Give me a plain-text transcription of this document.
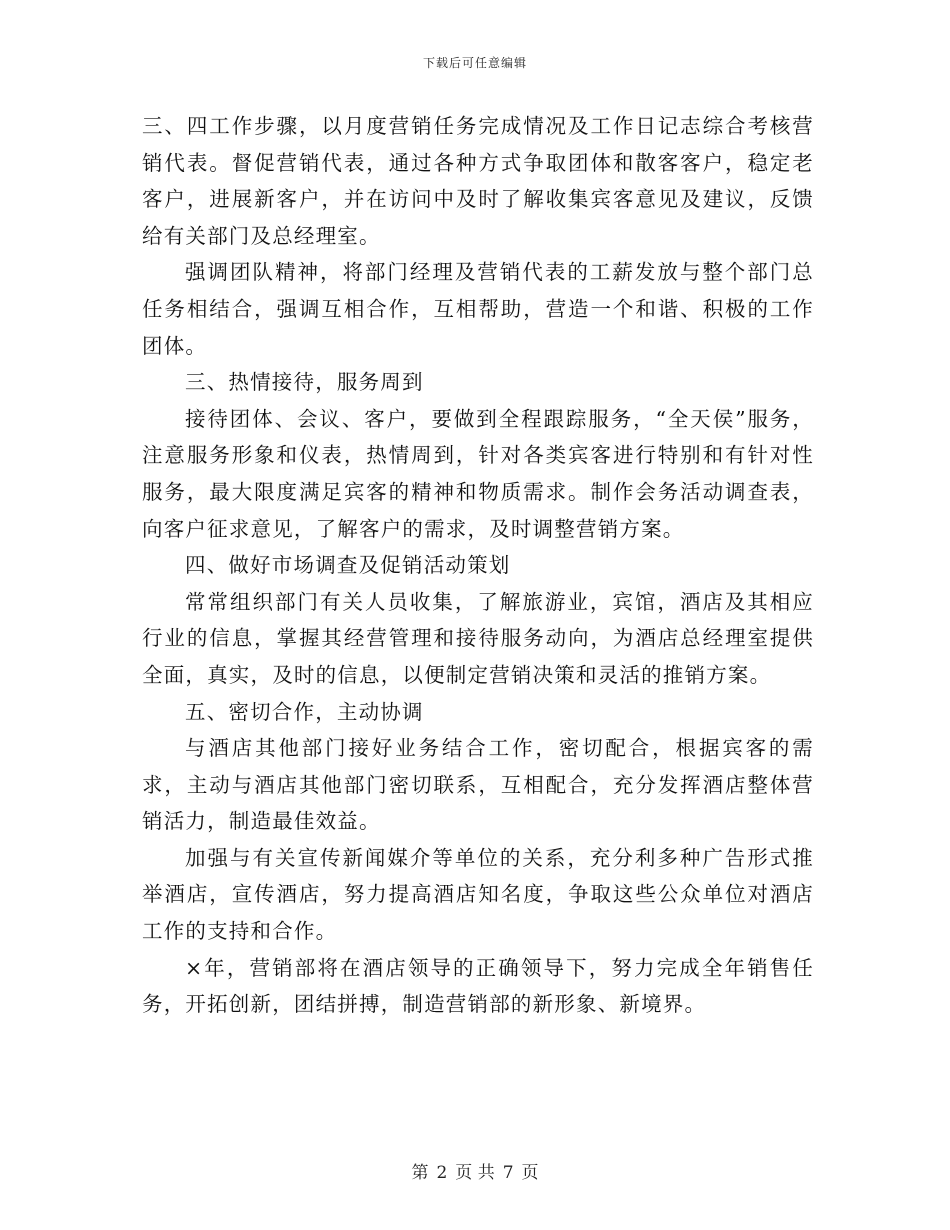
下载后可任意编辑

三、四工作步骤，以月度营销任务完成情况及工作日记志综合考核营销代表。督促营销代表，通过各种方式争取团体和散客客户，稳定老客户，进展新客户，并在访问中及时了解收集宾客意见及建议，反馈给有关部门及总经理室。

强调团队精神，将部门经理及营销代表的工薪发放与整个部门总任务相结合，强调互相合作，互相帮助，营造一个和谐、积极的工作团体。

三、热情接待，服务周到

接待团体、会议、客户，要做到全程跟踪服务，“全天侯”服务，注意服务形象和仪表，热情周到，针对各类宾客进行特别和有针对性服务，最大限度满足宾客的精神和物质需求。制作会务活动调查表，向客户征求意见，了解客户的需求，及时调整营销方案。

四、做好市场调查及促销活动策划

常常组织部门有关人员收集，了解旅游业，宾馆，酒店及其相应行业的信息，掌握其经营管理和接待服务动向，为酒店总经理室提供全面，真实，及时的信息，以便制定营销决策和灵活的推销方案。

五、密切合作，主动协调

与酒店其他部门接好业务结合工作，密切配合，根据宾客的需求，主动与酒店其他部门密切联系，互相配合，充分发挥酒店整体营销活力，制造最佳效益。

加强与有关宣传新闻媒介等单位的关系，充分利多种广告形式推举酒店，宣传酒店，努力提高酒店知名度，争取这些公众单位对酒店工作的支持和合作。

×年，营销部将在酒店领导的正确领导下，努力完成全年销售任务，开拓创新，团结拼搏，制造营销部的新形象、新境界。

第 2 页 共 7 页
